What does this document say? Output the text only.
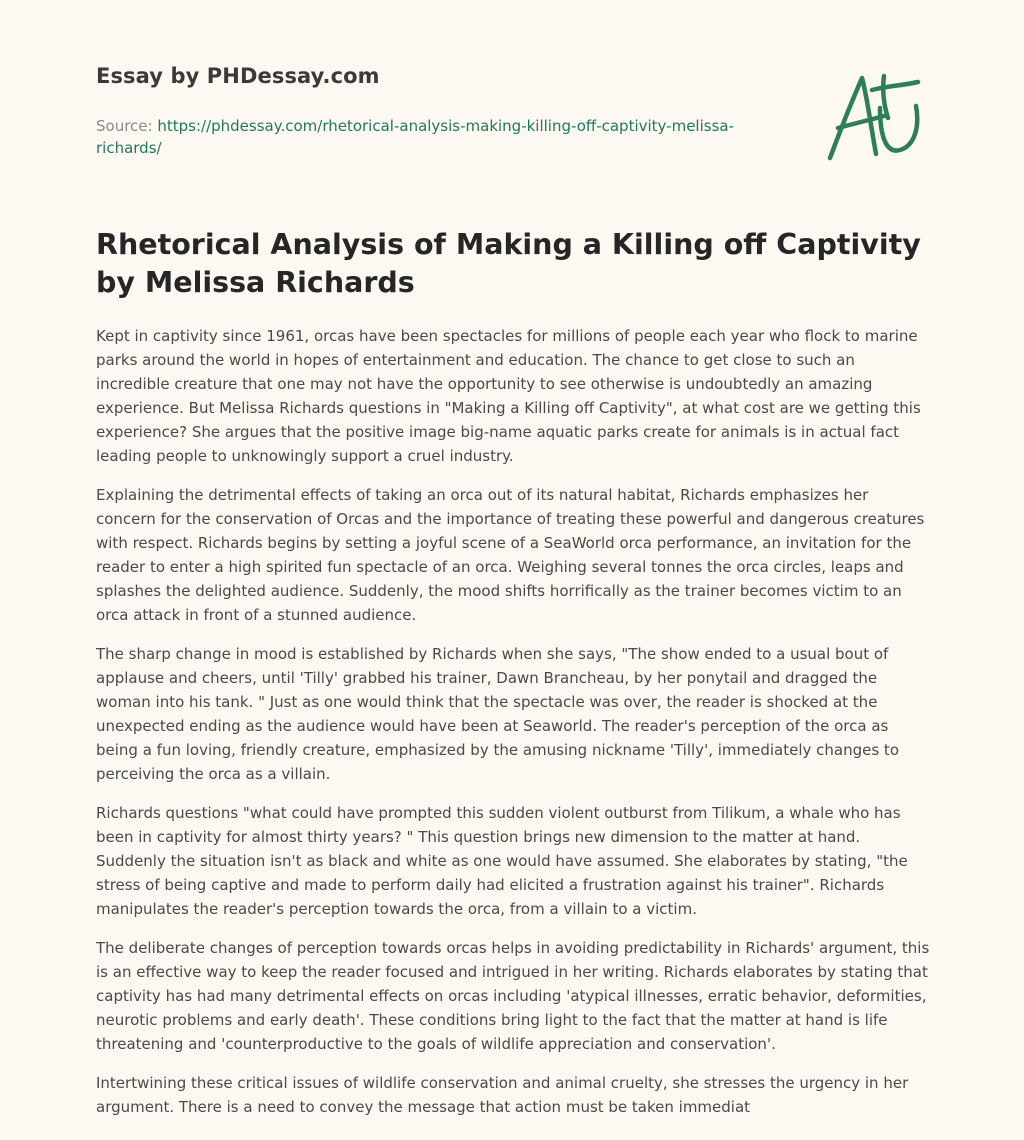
Essay by PHDessay.com
Source: https://phdessay.com/rhetorical-analysis-making-killing-off-captivity-melissa-
richards/
Rhetorical Analysis of Making a Killing off Captivity by Melissa Richards

Kept in captivity since 1961, orcas have been spectacles for millions of people each year who flock to marine parks around the world in hopes of entertainment and education. The chance to get close to such an incredible creature that one may not have the opportunity to see otherwise is undoubtedly an amazing experience. But Melissa Richards questions in "Making a Killing off Captivity", at what cost are we getting this experience? She argues that the positive image big-name aquatic parks create for animals is in actual fact leading people to unknowingly support a cruel industry.

Explaining the detrimental effects of taking an orca out of its natural habitat, Richards emphasizes her concern for the conservation of Orcas and the importance of treating these powerful and dangerous creatures with respect. Richards begins by setting a joyful scene of a SeaWorld orca performance, an invitation for the reader to enter a high spirited fun spectacle of an orca. Weighing several tonnes the orca circles, leaps and splashes the delighted audience. Suddenly, the mood shifts horrifically as the trainer becomes victim to an orca attack in front of a stunned audience.

The sharp change in mood is established by Richards when she says, "The show ended to a usual bout of applause and cheers, until 'Tilly' grabbed his trainer, Dawn Brancheau, by her ponytail and dragged the woman into his tank. " Just as one would think that the spectacle was over, the reader is shocked at the unexpected ending as the audience would have been at Seaworld. The reader's perception of the orca as being a fun loving, friendly creature, emphasized by the amusing nickname 'Tilly', immediately changes to perceiving the orca as a villain.

Richards questions "what could have prompted this sudden violent outburst from Tilikum, a whale who has been in captivity for almost thirty years? " This question brings new dimension to the matter at hand. Suddenly the situation isn't as black and white as one would have assumed. She elaborates by stating, "the stress of being captive and made to perform daily had elicited a frustration against his trainer". Richards manipulates the reader's perception towards the orca, from a villain to a victim.

The deliberate changes of perception towards orcas helps in avoiding predictability in Richards' argument, this is an effective way to keep the reader focused and intrigued in her writing. Richards elaborates by stating that captivity has had many detrimental effects on orcas including 'atypical illnesses, erratic behavior, deformities, neurotic problems and early death'. These conditions bring light to the fact that the matter at hand is life threatening and 'counterproductive to the goals of wildlife appreciation and conservation'.

Intertwining these critical issues of wildlife conservation and animal cruelty, she stresses the urgency in her argument. There is a need to convey the message that action must be taken immediat
